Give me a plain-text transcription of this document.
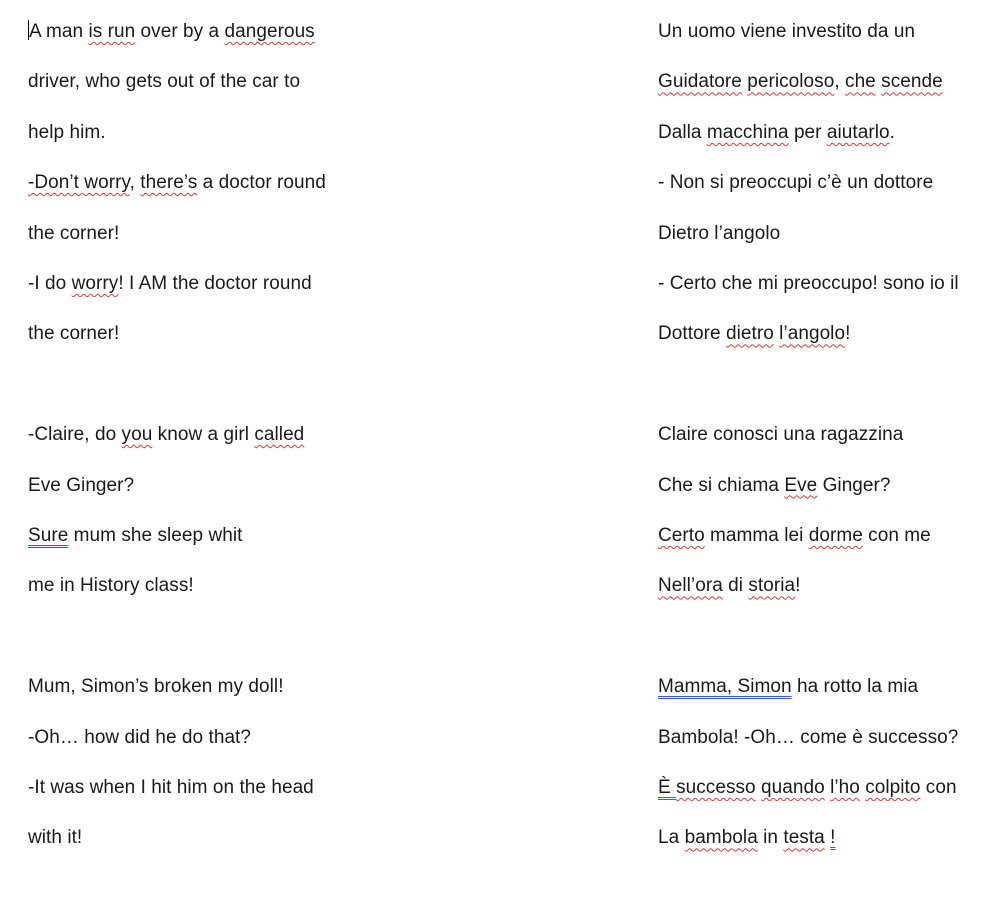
A man is run over by a dangerous
driver, who gets out of the car to
help him.
-Don’t worry, there’s a doctor round
the corner!
-I do worry! I AM the doctor round
the corner!
-Claire, do you know a girl called
Eve Ginger?
Sure mum she sleep whit
me in History class!
Mum, Simon’s broken my doll!
-Oh… how did he do that?
-It was when I hit him on the head
with it!
Un uomo viene investito da un
Guidatore pericoloso, che scende
Dalla macchina per aiutarlo.
- Non si preoccupi c’è un dottore
Dietro l’angolo
- Certo che mi preoccupo! sono io il
Dottore dietro l’angolo!
Claire conosci una ragazzina
Che si chiama Eve Ginger?
Certo mamma lei dorme con me
Nell’ora di storia!
Mamma, Simon ha rotto la mia
Bambola! -Oh… come è successo?
È successo quando l’ho colpito con
La bambola in testa !
